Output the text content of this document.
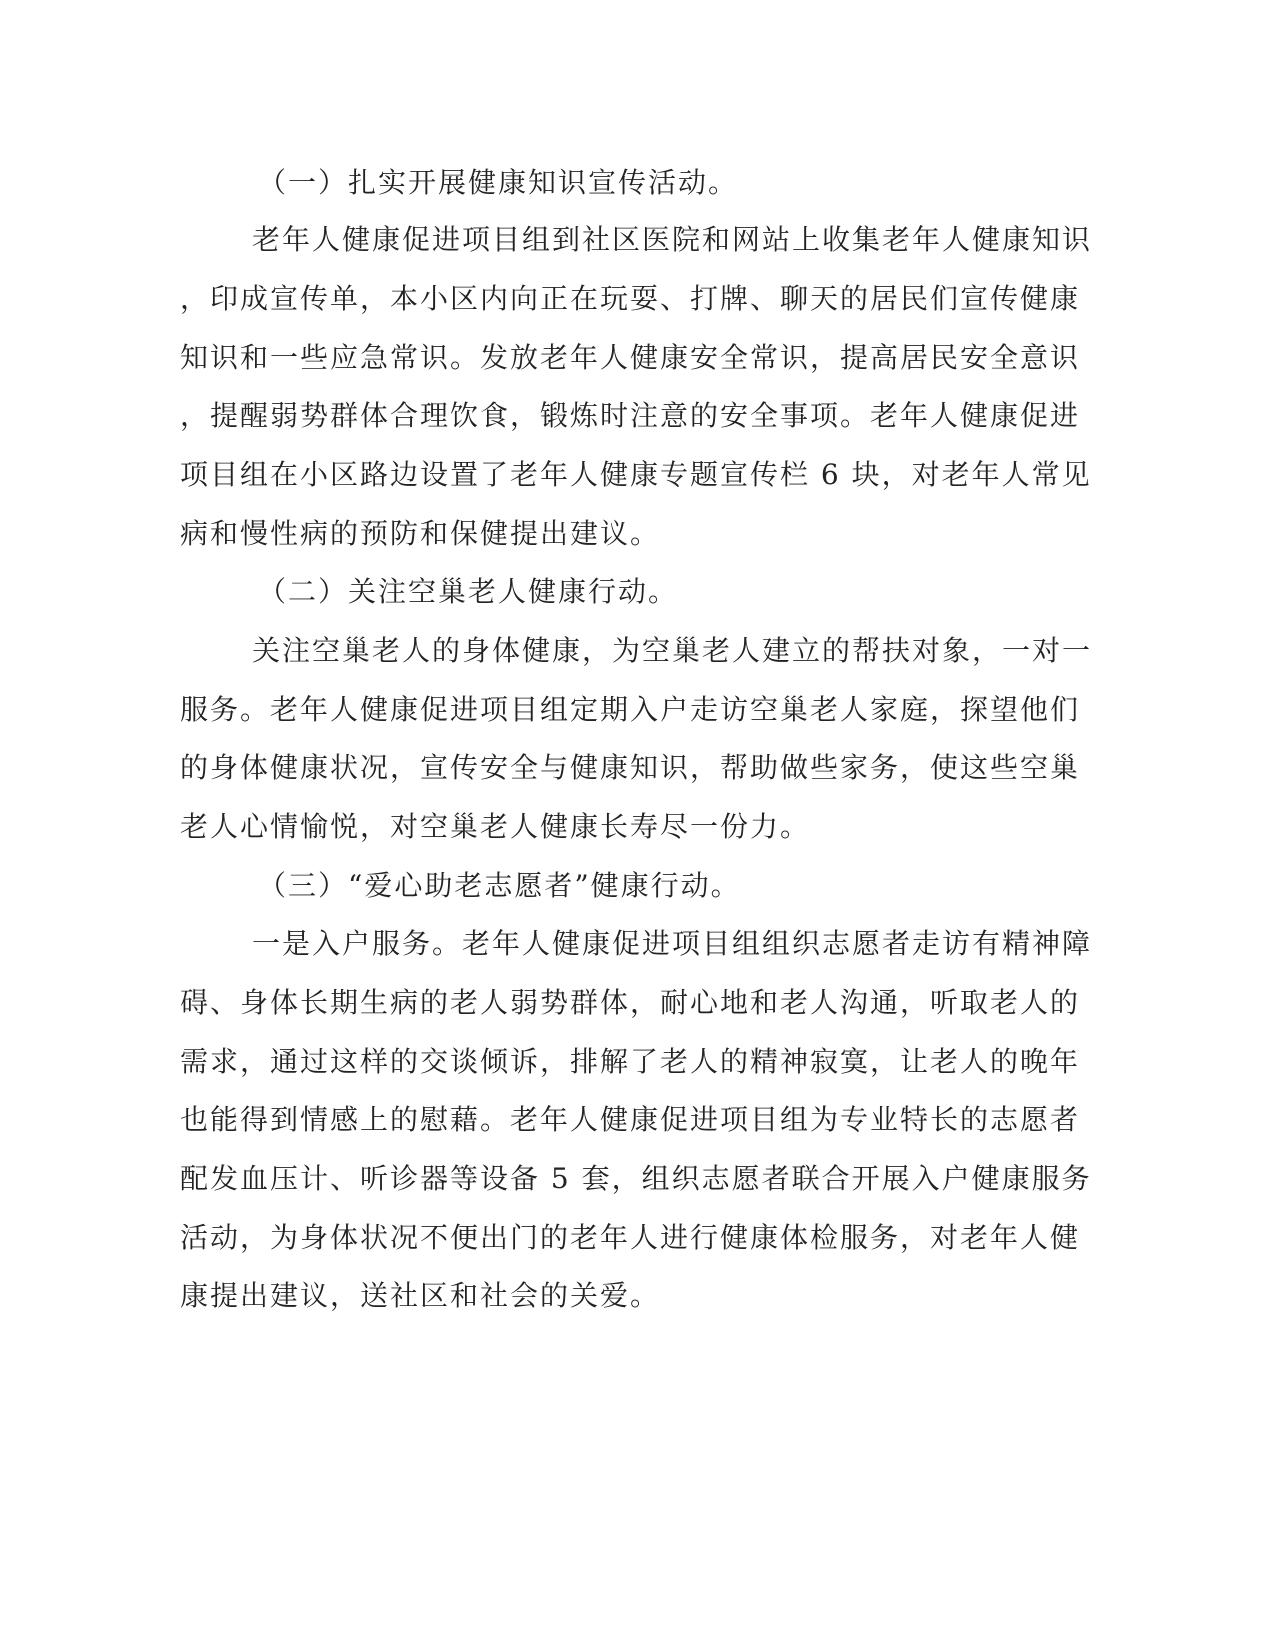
（一）扎实开展健康知识宣传活动。
老年人健康促进项目组到社区医院和网站上收集老年人健康知识
，印成宣传单，本小区内向正在玩耍、打牌、聊天的居民们宣传健康
知识和一些应急常识。发放老年人健康安全常识，提高居民安全意识
，提醒弱势群体合理饮食，锻炼时注意的安全事项。老年人健康促进
项目组在小区路边设置了老年人健康专题宣传栏 6 块，对老年人常见
病和慢性病的预防和保健提出建议。
（二）关注空巢老人健康行动。
关注空巢老人的身体健康，为空巢老人建立的帮扶对象，一对一
服务。老年人健康促进项目组定期入户走访空巢老人家庭，探望他们
的身体健康状况，宣传安全与健康知识，帮助做些家务，使这些空巢
老人心情愉悦，对空巢老人健康长寿尽一份力。
（三）“爱心助老志愿者”健康行动。
一是入户服务。老年人健康促进项目组组织志愿者走访有精神障
碍、身体长期生病的老人弱势群体，耐心地和老人沟通，听取老人的
需求，通过这样的交谈倾诉，排解了老人的精神寂寞，让老人的晚年
也能得到情感上的慰藉。老年人健康促进项目组为专业特长的志愿者
配发血压计、听诊器等设备 5 套，组织志愿者联合开展入户健康服务
活动，为身体状况不便出门的老年人进行健康体检服务，对老年人健
康提出建议，送社区和社会的关爱。
